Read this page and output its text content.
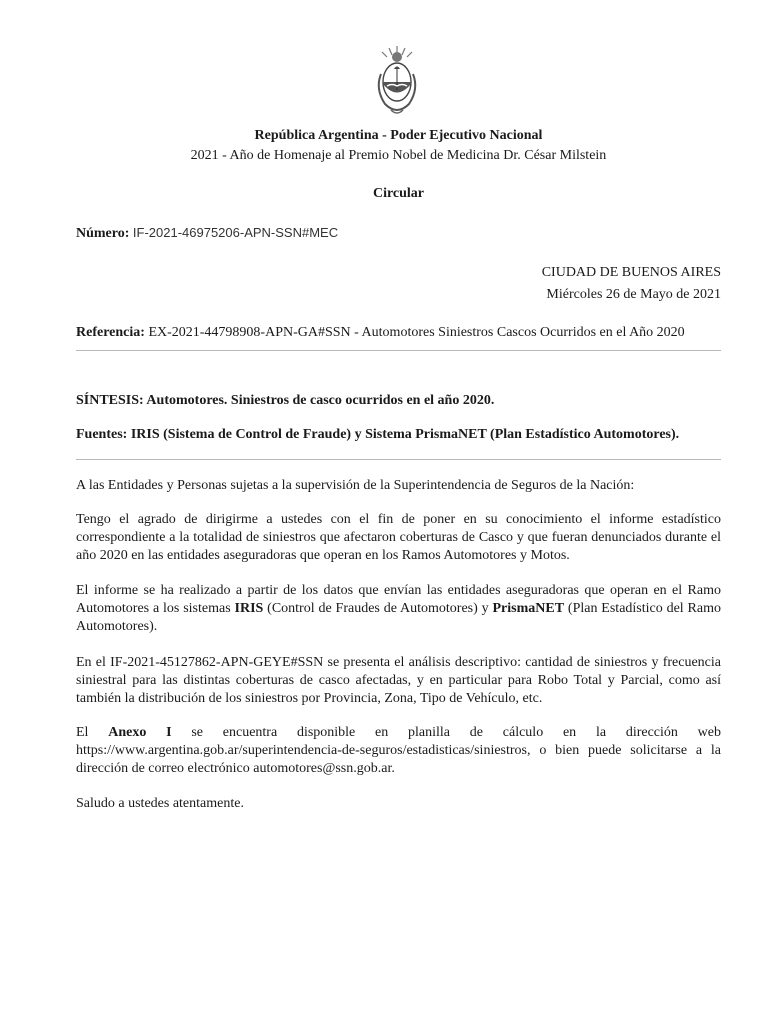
República Argentina - Poder Ejecutivo Nacional
2021 - Año de Homenaje al Premio Nobel de Medicina Dr. César Milstein
Circular
Número: IF-2021-46975206-APN-SSN#MEC
CIUDAD DE BUENOS AIRES
Miércoles 26 de Mayo de 2021
Referencia: EX-2021-44798908-APN-GA#SSN - Automotores Siniestros Cascos Ocurridos en el Año 2020
SÍNTESIS: Automotores. Siniestros de casco ocurridos en el año 2020.
Fuentes: IRIS (Sistema de Control de Fraude) y Sistema PrismaNET (Plan Estadístico Automotores).
A las Entidades y Personas sujetas a la supervisión de la Superintendencia de Seguros de la Nación:
Tengo el agrado de dirigirme a ustedes con el fin de poner en su conocimiento el informe estadístico correspondiente a la totalidad de siniestros que afectaron coberturas de Casco y que fueran denunciados durante el año 2020 en las entidades aseguradoras que operan en los Ramos Automotores y Motos.
El informe se ha realizado a partir de los datos que envían las entidades aseguradoras que operan en el Ramo Automotores a los sistemas IRIS (Control de Fraudes de Automotores) y PrismaNET (Plan Estadístico del Ramo Automotores).
En el IF-2021-45127862-APN-GEYE#SSN se presenta el análisis descriptivo: cantidad de siniestros y frecuencia siniestral para las distintas coberturas de casco afectadas, y en particular para Robo Total y Parcial, como así también la distribución de los siniestros por Provincia, Zona, Tipo de Vehículo, etc.
El Anexo I se encuentra disponible en planilla de cálculo en la dirección web https://www.argentina.gob.ar/superintendencia-de-seguros/estadisticas/siniestros, o bien puede solicitarse a la dirección de correo electrónico automotores@ssn.gob.ar.
Saludo a ustedes atentamente.
